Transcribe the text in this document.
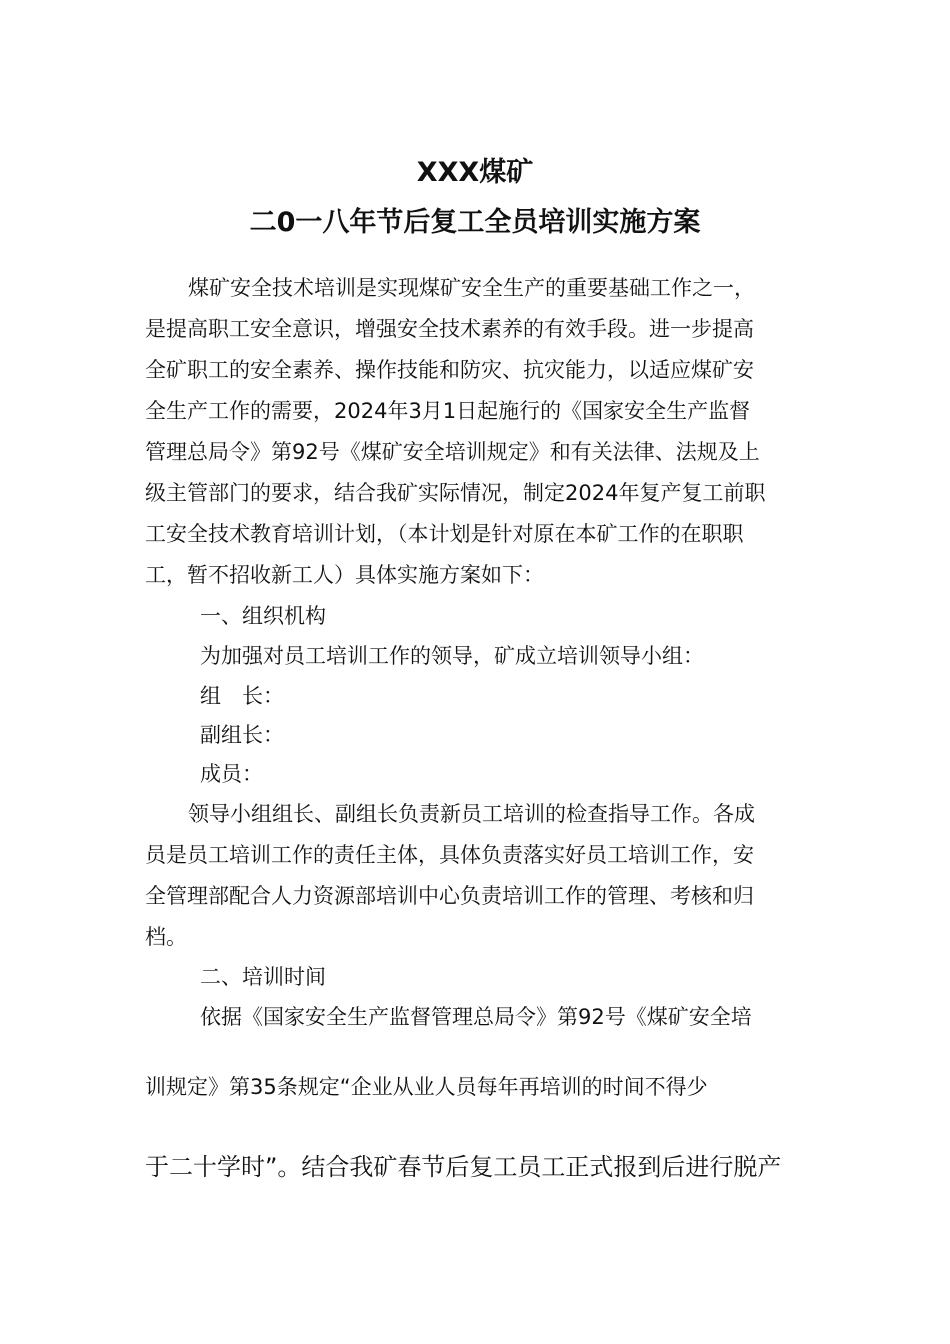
XXX煤矿
二0一八年节后复工全员培训实施方案
煤矿安全技术培训是实现煤矿安全生产的重要基础工作之一，
是提高职工安全意识，增强安全技术素养的有效手段。进一步提高
全矿职工的安全素养、操作技能和防灾、抗灾能力，以适应煤矿安
全生产工作的需要，2024年3月1日起施行的《国家安全生产监督
管理总局令》第92号《煤矿安全培训规定》和有关法律、法规及上
级主管部门的要求，结合我矿实际情况，制定2024年复产复工前职
工安全技术教育培训计划，（本计划是针对原在本矿工作的在职职
工，暂不招收新工人）具体实施方案如下：
一、组织机构
为加强对员工培训工作的领导，矿成立培训领导小组：
组　长：
副组长：
成员：
领导小组组长、副组长负责新员工培训的检查指导工作。各成
员是员工培训工作的责任主体，具体负责落实好员工培训工作，安
全管理部配合人力资源部培训中心负责培训工作的管理、考核和归
档。
二、培训时间
依据《国家安全生产监督管理总局令》第92号《煤矿安全培
训规定》第35条规定“企业从业人员每年再培训的时间不得少
于二十学时”。结合我矿春节后复工员工正式报到后进行脱产
